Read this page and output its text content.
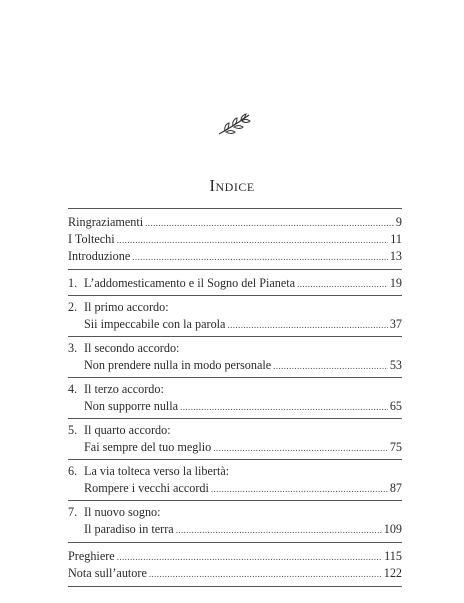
Indice
Ringraziamenti .....	9
I Toltechi .....	11
Introduzione .....	13
1. L’addomesticamento e il Sogno del Pianeta .....	19
2. Il primo accordo:
Sii impeccabile con la parola .....	37
3. Il secondo accordo:
Non prendere nulla in modo personale .....	53
4. Il terzo accordo:
Non supporre nulla .....	65
5. Il quarto accordo:
Fai sempre del tuo meglio .....	75
6. La via tolteca verso la libertà:
Rompere i vecchi accordi .....	87
7. Il nuovo sogno:
Il paradiso in terra .....	109
Preghiere .....	115
Nota sull’autore .....	122
